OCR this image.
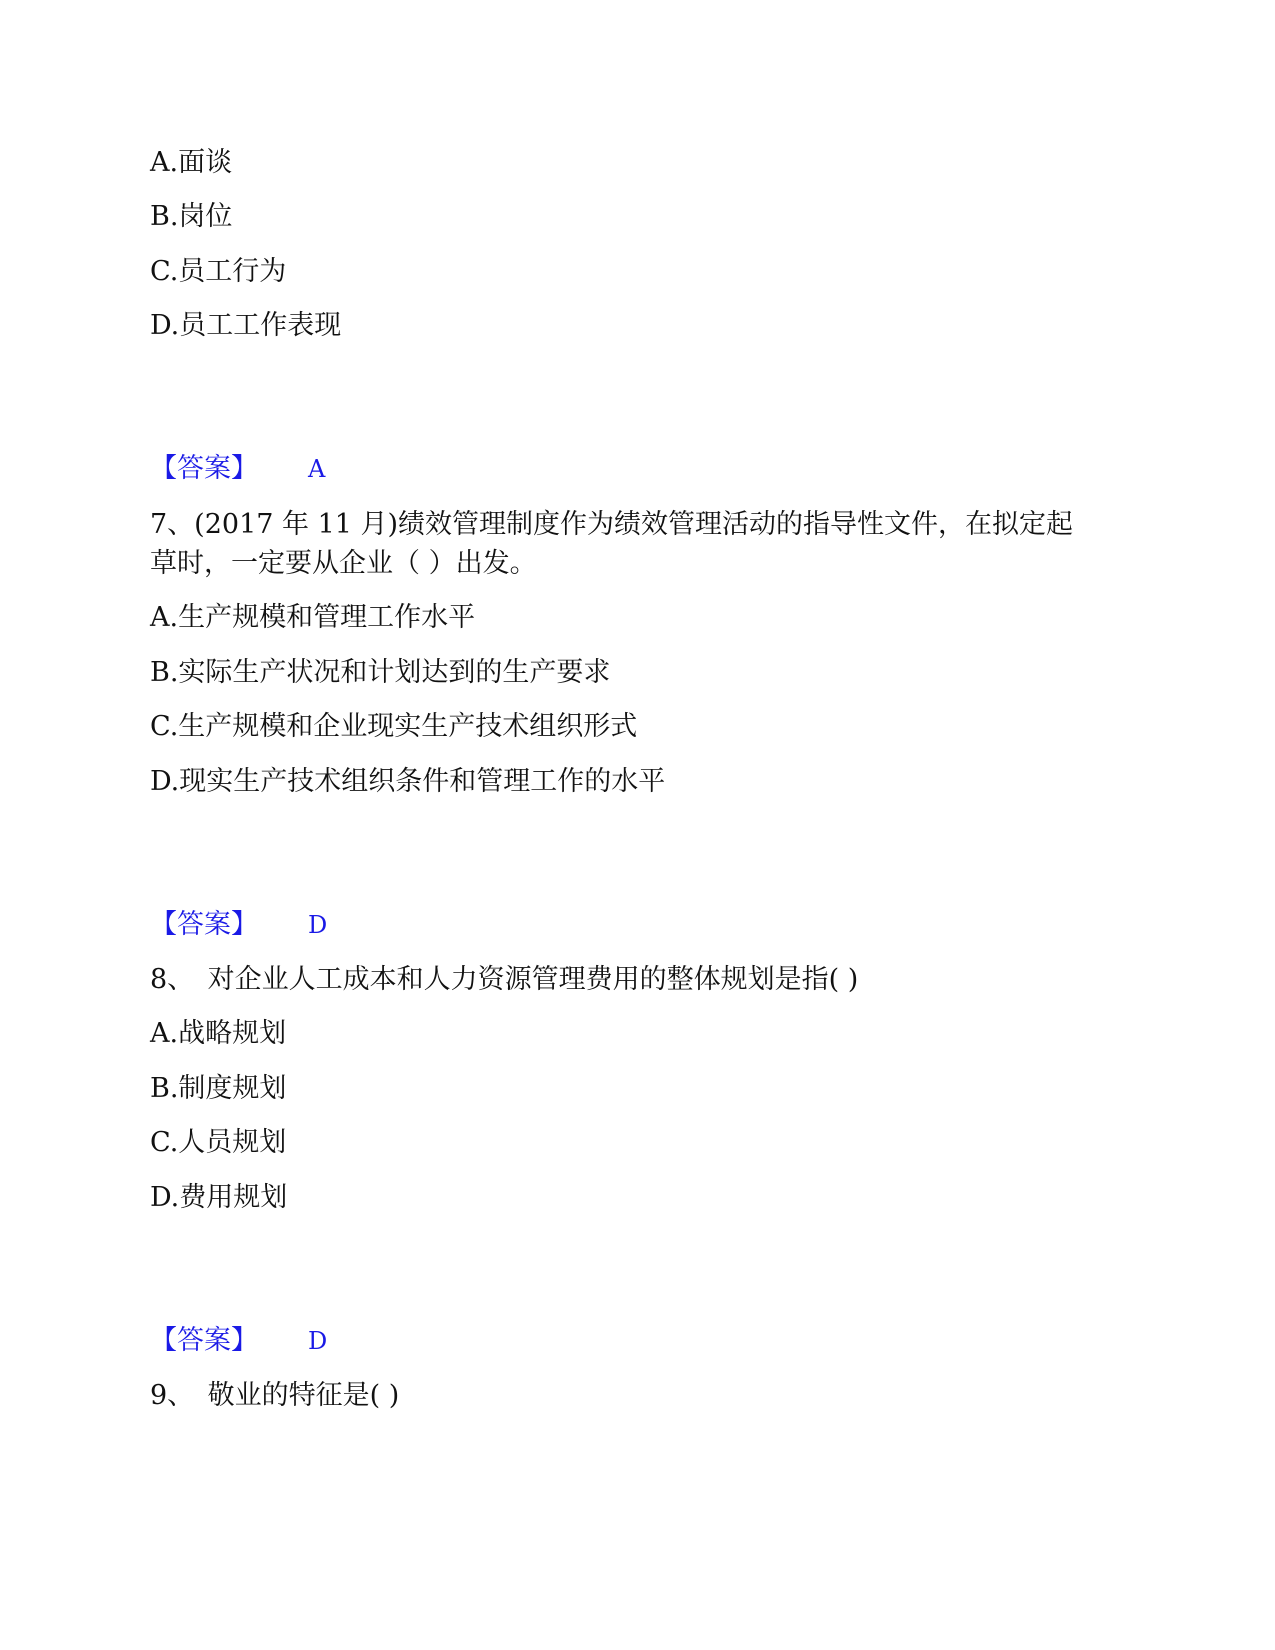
A.面谈
B.岗位
C.员工行为
D.员工工作表现
【答案】 A
7、(2017 年 11 月)绩效管理制度作为绩效管理活动的指导性文件，在拟定起
草时，一定要从企业（ ）出发。
A.生产规模和管理工作水平
B.实际生产状况和计划达到的生产要求
C.生产规模和企业现实生产技术组织形式
D.现实生产技术组织条件和管理工作的水平
【答案】 D
8、　对企业人工成本和人力资源管理费用的整体规划是指( )
A.战略规划
B.制度规划
C.人员规划
D.费用规划
【答案】 D
9、　敬业的特征是( )
